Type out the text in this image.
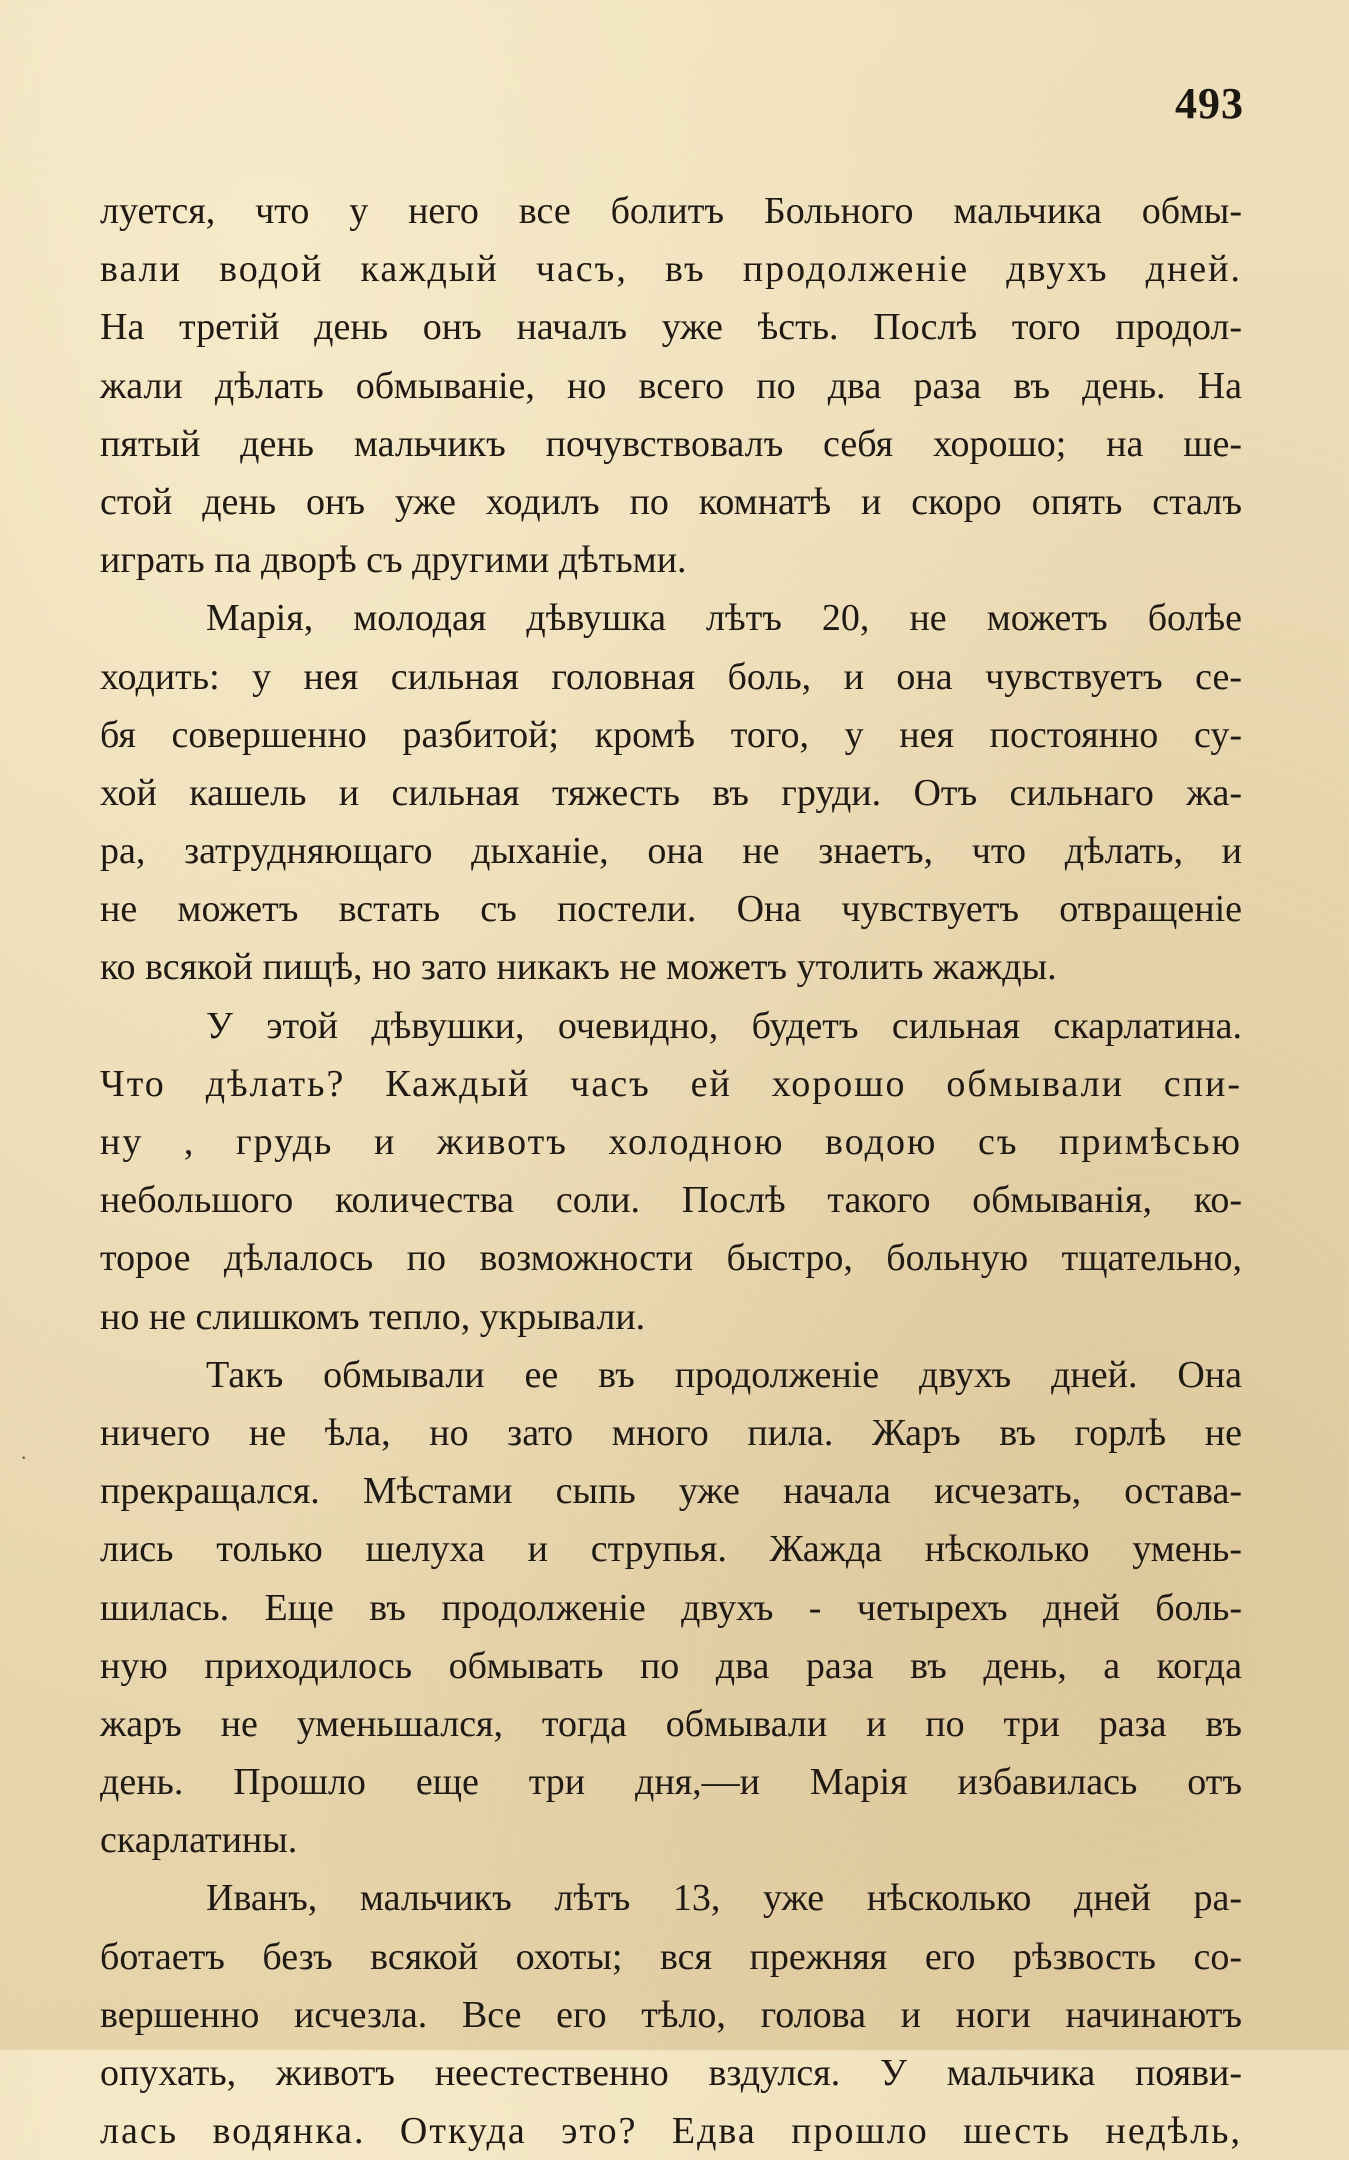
493
луется, что у него все болитъ Больного мальчика обмы-
вали водой каждый часъ, въ продолженіе двухъ дней.
На третій день онъ началъ уже ѣсть. Послѣ того продол-
жали дѣлать обмываніе, но всего по два раза въ день. На
пятый день мальчикъ почувствовалъ себя хорошо; на ше-
стой день онъ уже ходилъ по комнатѣ и скоро опять сталъ
играть па дворѣ съ другими дѣтьми.
Марія, молодая дѣвушка лѣтъ 20, не можетъ болѣе
ходить: у нея сильная головная боль, и она чувствуетъ се-
бя совершенно разбитой; кромѣ того, у нея постоянно су-
хой кашель и сильная тяжесть въ груди. Отъ сильнаго жа-
ра, затрудняющаго дыханіе, она не знаетъ, что дѣлать, и
не можетъ встать съ постели. Она чувствуетъ отвращеніе
ко всякой пищѣ, но зато никакъ не можетъ утолить жажды.
У этой дѣвушки, очевидно, будетъ сильная скарлатина.
Что дѣлать? Каждый часъ ей хорошо обмывали спи-
ну , грудь и животъ холодною водою съ примѣсью
небольшого количества соли. Послѣ такого обмыванія, ко-
торое дѣлалось по возможности быстро, больную тщательно,
но не слишкомъ тепло, укрывали.
Такъ обмывали ее въ продолженіе двухъ дней. Она
ничего не ѣла, но зато много пила. Жаръ въ горлѣ не
прекращался. Мѣстами сыпь уже начала исчезать, остава-
лись только шелуха и струпья. Жажда нѣсколько умень-
шилась. Еще въ продолженіе двухъ - четырехъ дней боль-
ную приходилось обмывать по два раза въ день, а когда
жаръ не уменьшался, тогда обмывали и по три раза въ
день. Прошло еще три дня,—и Марія избавилась отъ
скарлатины.
Иванъ, мальчикъ лѣтъ 13, уже нѣсколько дней ра-
ботаетъ безъ всякой охоты; вся прежняя его рѣзвость со-
вершенно исчезла. Все его тѣло, голова и ноги начинаютъ
опухать, животъ неестественно вздулся. У мальчика появи-
лась водянка. Откуда это? Едва прошло шесть недѣль,
·
